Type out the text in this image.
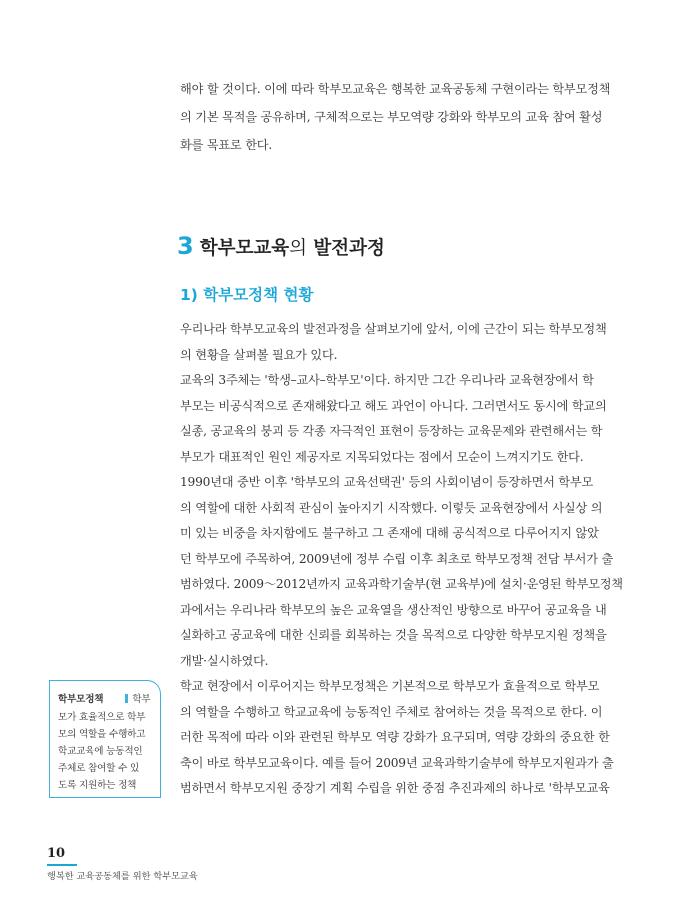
해야 할 것이다. 이에 따라 학부모교육은 행복한 교육공동체 구현이라는 학부모정책
의 기본 목적을 공유하며, 구체적으로는 부모역량 강화와 학부모의 교육 참여 활성
화를 목표로 한다.
3 학부모교육의 발전과정
1) 학부모정책 현황
우리나라 학부모교육의 발전과정을 살펴보기에 앞서, 이에 근간이 되는 학부모정책
의 현황을 살펴볼 필요가 있다.
교육의 3주체는 '학생–교사–학부모'이다. 하지만 그간 우리나라 교육현장에서 학
부모는 비공식적으로 존재해왔다고 해도 과언이 아니다. 그러면서도 동시에 학교의
실종, 공교육의 붕괴 등 각종 자극적인 표현이 등장하는 교육문제와 관련해서는 학
부모가 대표적인 원인 제공자로 지목되었다는 점에서 모순이 느껴지기도 한다.
1990년대 중반 이후 '학부모의 교육선택권' 등의 사회이념이 등장하면서 학부모
의 역할에 대한 사회적 관심이 높아지기 시작했다. 이렇듯 교육현장에서 사실상 의
미 있는 비중을 차지함에도 불구하고 그 존재에 대해 공식적으로 다루어지지 않았
던 학부모에 주목하여, 2009년에 정부 수립 이후 최초로 학부모정책 전담 부서가 출
범하였다. 2009～2012년까지 교육과학기술부(현 교육부)에 설치·운영된 학부모정책
과에서는 우리나라 학부모의 높은 교육열을 생산적인 방향으로 바꾸어 공교육을 내
실화하고 공교육에 대한 신뢰를 회복하는 것을 목적으로 다양한 학부모지원 정책을
개발·실시하였다.
학교 현장에서 이루어지는 학부모정책은 기본적으로 학부모가 효율적으로 학부모
의 역할을 수행하고 학교교육에 능동적인 주체로 참여하는 것을 목적으로 한다. 이
러한 목적에 따라 이와 관련된 학부모 역량 강화가 요구되며, 역량 강화의 중요한 한
축이 바로 학부모교육이다. 예를 들어 2009년 교육과학기술부에 학부모지원과가 출
범하면서 학부모지원 중장기 계획 수립을 위한 중점 추진과제의 하나로 '학부모교육
학부모정책	학부
모가 효율적으로 학부
모의 역할을 수행하고
학교교육에 능동적인
주체로 참여할 수 있
도록 지원하는 정책
10
행복한 교육공동체를 위한 학부모교육
